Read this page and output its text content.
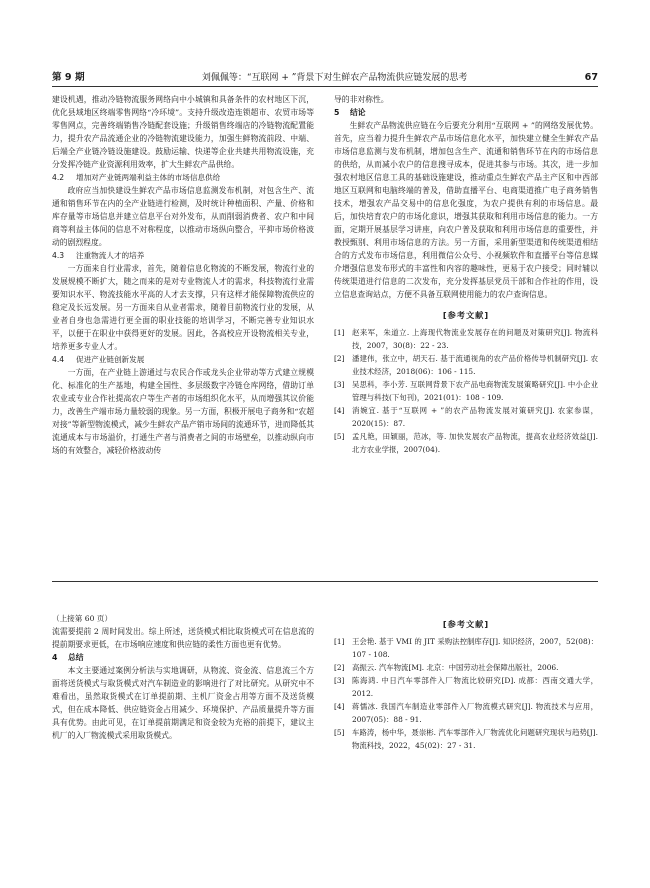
第 9 期	刘佩佩等：“互联网 + ”背景下对生鲜农产品物流供应链发展的思考	67

建设机遇，推动冷链物流服务网络向中小城镇和具备条件的农村地区下沉，优化县域地区终端零售网络“冷环境”。支持升级改造连锁超市、农贸市场等零售网点，完善终端销售冷链配套设施；升级销售终端店的冷链物流配置能力，提升农产品流通企业的冷链物流建设能力，加强生鲜物流前段、中端、后端全产业链冷链设施建设。鼓励运输、快递等企业共建共用物流设施，充分发挥冷链产业资源利用效率，扩大生鲜农产品供给。

4.2 增加对产业链两端利益主体的市场信息供给

政府应当加快建设生鲜农产品市场信息监测发布机制，对包含生产、流通和销售环节在内的全产业链进行检测，及时统计种植面积、产量、价格和库存量等市场信息并建立信息平台对外发布，从而削弱消费者、农户和中间商等利益主体间的信息不对称程度，以推动市场纵向整合，平抑市场价格波动的剧烈程度。

4.3 注重物流人才的培养

一方面来自行业需求，首先，随着信息化物流的不断发展，物流行业的发展规模不断扩大，随之而来的是对专业物流人才的需求，科技物流行业需要知识水平、物流技能水平高的人才去支撑，只有这样才能保障物流供应的稳定及长远发展。另一方面来自从业者需求，随着目前物流行业的发展，从业者自身也急需进行更全面的职业技能的培训学习，不断完善专业知识水平，以便于在职业中获得更好的发展。因此，各高校应开设物流相关专业，培养更多专业人才。

4.4 促进产业链创新发展

一方面，在产业链上游通过与农民合作或龙头企业带动等方式建立规模化、标准化的生产基地，构建全国性、多层级数字冷链仓库网络，借助订单农业或专业合作社提高农户等生产者的市场组织化水平，从而增强其议价能力，改善生产端市场力量较弱的现象。另一方面，积极开展电子商务和“农超对接”等新型物流模式，减少生鲜农产品产销市场间的流通环节，进而降低其流通成本与市场溢价，打通生产者与消费者之间的市场壁垒，以推动纵向市场的有效整合，减轻价格波动传

导的非对称性。

5 结论

生鲜农产品物流供应链在今后要充分利用“互联网 + ”的网络发展优势。首先，应当着力提升生鲜农产品市场信息化水平，加快建立健全生鲜农产品市场信息监测与发布机制，增加包含生产、流通和销售环节在内的市场信息的供给，从而减小农户的信息搜寻成本，促进其参与市场。其次，进一步加强农村地区信息工具的基础设施建设，推动重点生鲜农产品主产区和中西部地区互联网和电脑终端的普及，借助直播平台、电商渠道推广电子商务销售技术，增强农产品交易中的信息化强度，为农户提供有利的市场信息。最后，加快培育农户的市场化意识，增强其获取和利用市场信息的能力。一方面，定期开展基层学习讲座，向农户普及获取和利用市场信息的重要性，并教授甄别、利用市场信息的方法。另一方面，采用新型渠道和传统渠道相结合的方式发布市场信息，利用微信公众号、小视频软件和直播平台等信息媒介增强信息发布形式的丰富性和内容的趣味性，更易于农户接受；同时辅以传统渠道进行信息的二次发布，充分发挥基层党员干部和合作社的作用，设立信息查询站点，方便不具备互联网使用能力的农户查询信息。

[参考文献]
[1]	赵来军，朱道立. 上海现代物流业发展存在的问题及对策研究[J]. 物流科技，2007，30(8)：22 - 23.
[2]	潘建伟，张立中，胡天石. 基于流通视角的农产品价格传导机制研究[J]. 农业技术经济，2018(06)：106 - 115.
[3]	吴思科，李小芳. 互联网背景下农产品电商物流发展策略研究[J]. 中小企业管理与科技(下旬刊)，2021(01)：108 - 109.
[4]	消婉宜. 基于“互联网 + ”的农产品物流发展对策研究[J]. 农家参谋，2020(15)：87.
[5]	孟凡艳，田颖丽，范冰，等. 加快发展农产品物流，提高农业经济效益[J]. 北方农业学报，2007(04).

（上接第 60 页）

流需要提前 2 周时间发出。综上所述，送货模式相比取货模式可在信息流的提前期要求更低，在市场响应速度和供应链的柔性方面也更有优势。

4 总结

本文主要通过案例分析法与实地调研，从物流、资金流、信息流三个方面将送货模式与取货模式对汽车制造业的影响进行了对比研究。从研究中不难看出，虽然取货模式在订单提前期、主机厂资金占用等方面不及送货模式，但在成本降低、供应链资金占用减少、环境保护、产品质量提升等方面具有优势。由此可见，在订单提前期满足和资金较为充裕的前提下，建议主机厂的入厂物流模式采用取货模式。

[参考文献]
[1]	王会艳. 基于 VMI 的 JIT 采购法控制库存[J]. 知识经济，2007，52(08)：107 - 108.
[2]	高振云. 汽车物流[M]. 北京：中国劳动社会保障出版社，2006.
[3]	陈海鸿. 中日汽车零部件入厂物流比较研究[D]. 成都：西南交通大学，2012.
[4]	蒋懦冰. 我国汽车制造业零部件入厂物流模式研究[J]. 物流技术与应用，2007(05)：88 - 91.
[5]	车路涛，杨中华，聂崇彬. 汽车零部件入厂物流优化问题研究现状与趋势[J]. 物流科技，2022，45(02)：27 - 31.
